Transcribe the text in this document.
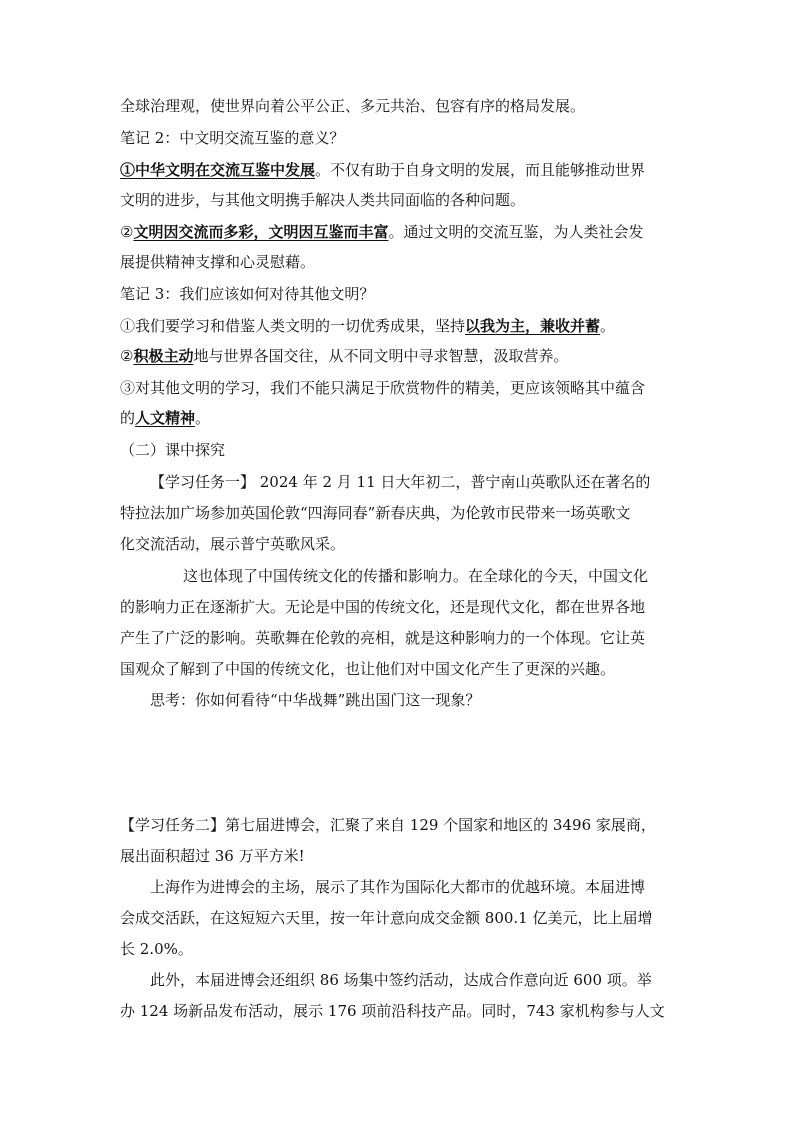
全球治理观，使世界向着公平公正、多元共治、包容有序的格局发展。

笔记 2：中文明交流互鉴的意义？

①中华文明在交流互鉴中发展。不仅有助于自身文明的发展，而且能够推动世界

文明的进步，与其他文明携手解决人类共同面临的各种问题。

②文明因交流而多彩，文明因互鉴而丰富。通过文明的交流互鉴，为人类社会发

展提供精神支撑和心灵慰藉。

笔记 3：我们应该如何对待其他文明？

①我们要学习和借鉴人类文明的一切优秀成果，坚持以我为主，兼收并蓄。

②积极主动地与世界各国交往，从不同文明中寻求智慧，汲取营养。

③对其他文明的学习，我们不能只满足于欣赏物件的精美，更应该领略其中蕴含

的人文精神。

（二）课中探究

【学习任务一】 2024 年 2 月 11 日大年初二，普宁南山英歌队还在著名的

特拉法加广场参加英国伦敦“四海同春”新春庆典，为伦敦市民带来一场英歌文

化交流活动，展示普宁英歌风采。

这也体现了中国传统文化的传播和影响力。在全球化的今天，中国文化

的影响力正在逐渐扩大。无论是中国的传统文化，还是现代文化，都在世界各地

产生了广泛的影响。英歌舞在伦敦的亮相，就是这种影响力的一个体现。它让英

国观众了解到了中国的传统文化，也让他们对中国文化产生了更深的兴趣。

思考：你如何看待“中华战舞”跳出国门这一现象？

【学习任务二】第七届进博会，汇聚了来自 129 个国家和地区的 3496 家展商，

展出面积超过 36 万平方米!

上海作为进博会的主场，展示了其作为国际化大都市的优越环境。本届进博

会成交活跃，在这短短六天里，按一年计意向成交金额 800.1 亿美元，比上届增

长 2.0%。

此外，本届进博会还组织 86 场集中签约活动，达成合作意向近 600 项。举

办 124 场新品发布活动，展示 176 项前沿科技产品。同时，743 家机构参与人文
